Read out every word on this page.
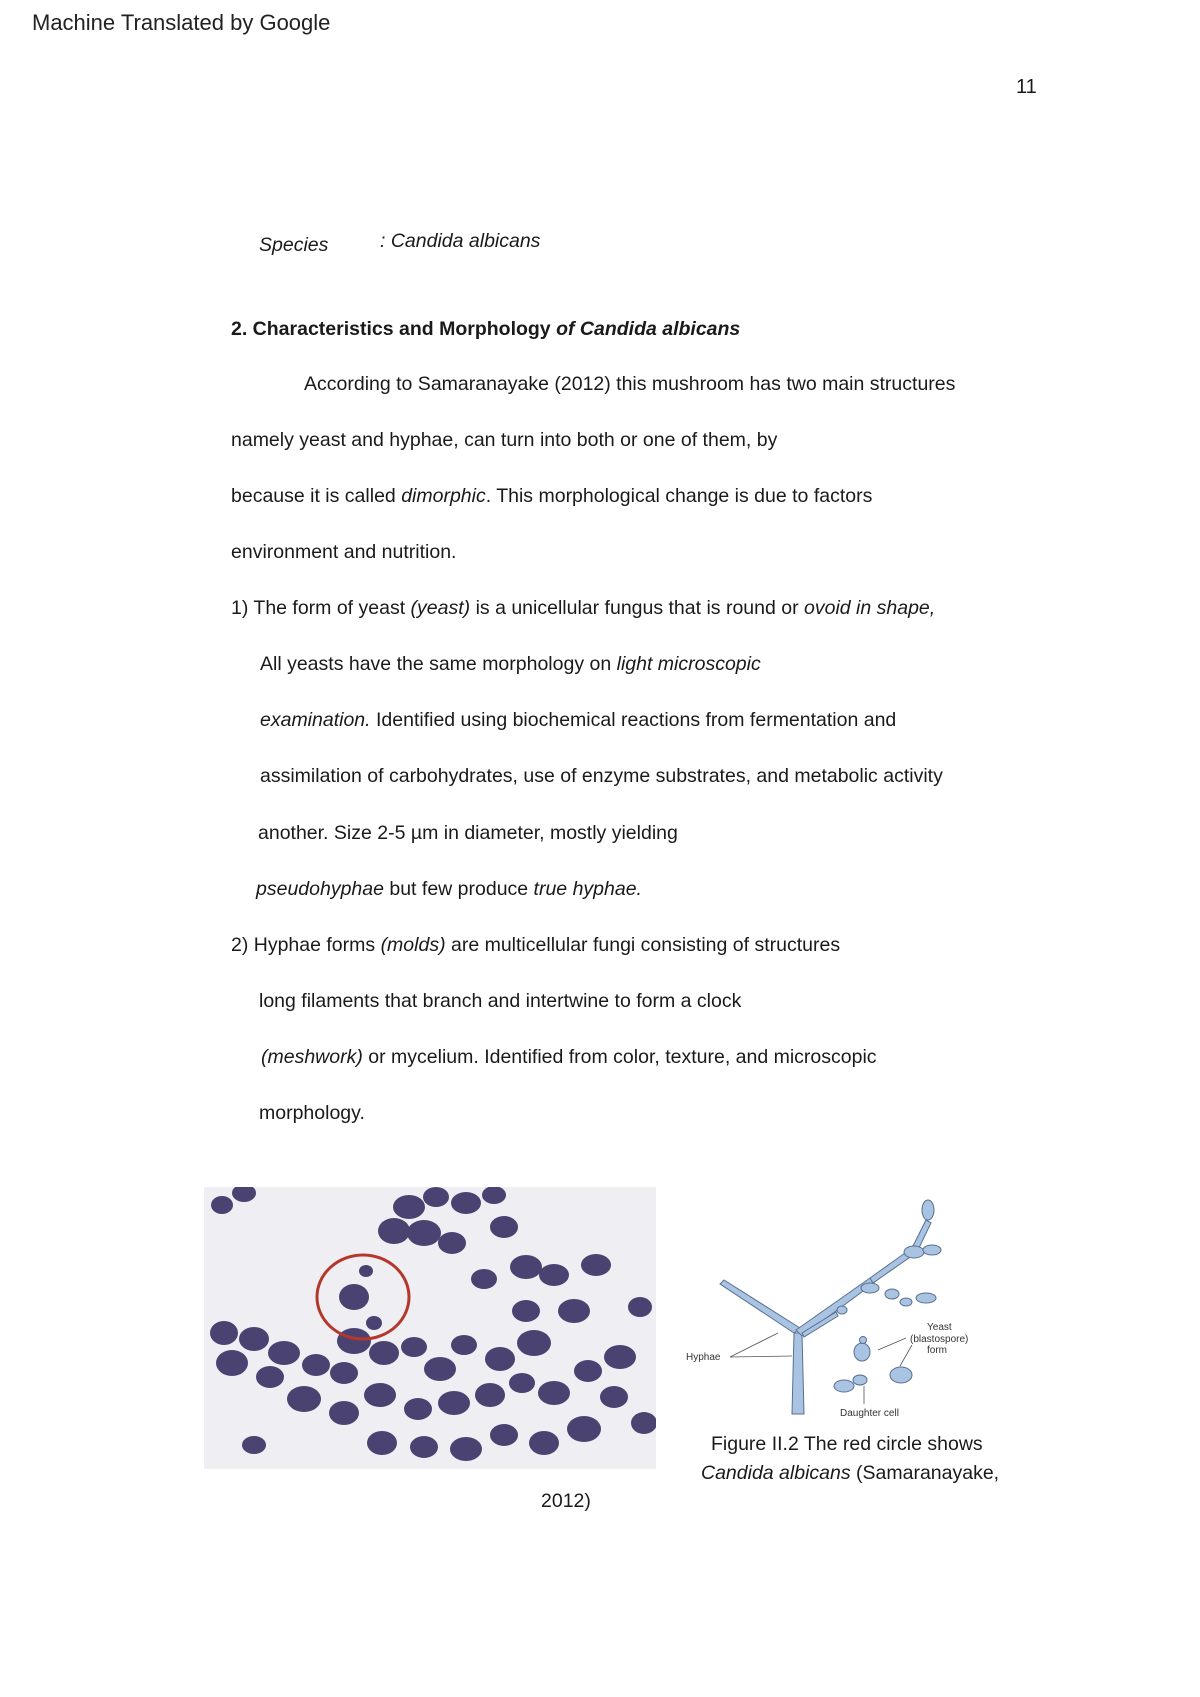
Machine Translated by Google
11
Species	: Candida albicans
2. Characteristics and Morphology of Candida albicans
According to Samaranayake (2012) this mushroom has two main structures
namely yeast and hyphae, can turn into both or one of them, by
because it is called dimorphic. This morphological change is due to factors
environment and nutrition.
1) The form of yeast (yeast) is a unicellular fungus that is round or ovoid in shape,
All yeasts have the same morphology on light microscopic
examination. Identified using biochemical reactions from fermentation and
assimilation of carbohydrates, use of enzyme substrates, and metabolic activity
another. Size 2-5 µm in diameter, mostly yielding
pseudohyphae but few produce true hyphae.
2) Hyphae forms (molds) are multicellular fungi consisting of structures
long filaments that branch and intertwine to form a clock
(meshwork) or mycelium. Identified from color, texture, and microscopic
morphology.
Yeast
(blastospore)
form
Hyphae
Daughter cell
Figure II.2 The red circle shows
Candida albicans (Samaranayake,
2012)
